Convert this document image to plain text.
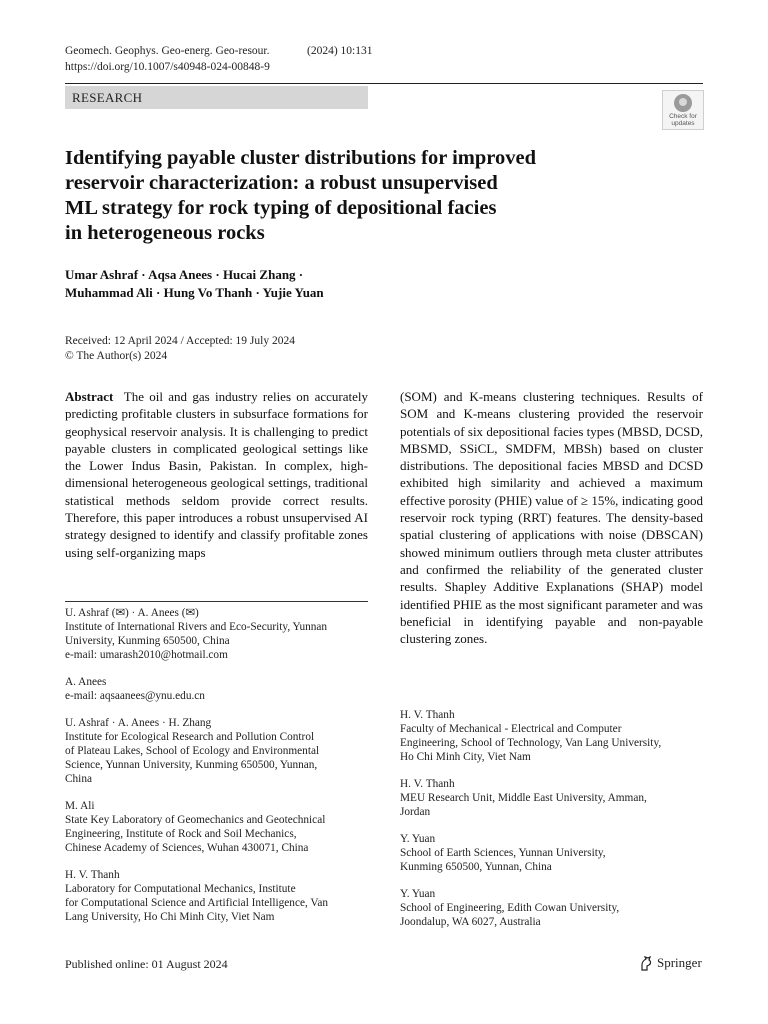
Geomech. Geophys. Geo-energ. Geo-resour.	(2024) 10:131
https://doi.org/10.1007/s40948-024-00848-9
RESEARCH
Check for
updates
Identifying payable cluster distributions for improved
reservoir characterization: a robust unsupervised
ML strategy for rock typing of depositional facies
in heterogeneous rocks
Umar Ashraf · Aqsa Anees · Hucai Zhang ·
Muhammad Ali · Hung Vo Thanh · Yujie Yuan
Received: 12 April 2024 / Accepted: 19 July 2024
© The Author(s) 2024
Abstract The oil and gas industry relies on accurately predicting profitable clusters in subsurface formations for geophysical reservoir analysis. It is challenging to predict payable clusters in complicated geological settings like the Lower Indus Basin, Pakistan. In complex, high-dimensional heterogeneous geological settings, traditional statistical methods seldom provide correct results. Therefore, this paper introduces a robust unsupervised AI strategy designed to identify and classify profitable zones using self-organizing maps
(SOM) and K-means clustering techniques. Results of SOM and K-means clustering provided the reservoir potentials of six depositional facies types (MBSD, DCSD, MBSMD, SSiCL, SMDFM, MBSh) based on cluster distributions. The depositional facies MBSD and DCSD exhibited high similarity and achieved a maximum effective porosity (PHIE) value of ≥ 15%, indicating good reservoir rock typing (RRT) features. The density-based spatial clustering of applications with noise (DBSCAN) showed minimum outliers through meta cluster attributes and confirmed the reliability of the generated cluster results. Shapley Additive Explanations (SHAP) model identified PHIE as the most significant parameter and was beneficial in identifying payable and non-payable clustering zones.
U. Ashraf (✉) · A. Anees (✉)
Institute of International Rivers and Eco-Security, Yunnan
University, Kunming 650500, China
e-mail: umarash2010@hotmail.com
A. Anees
e-mail: aqsaanees@ynu.edu.cn
U. Ashraf · A. Anees · H. Zhang
Institute for Ecological Research and Pollution Control
of Plateau Lakes, School of Ecology and Environmental
Science, Yunnan University, Kunming 650500, Yunnan,
China
M. Ali
State Key Laboratory of Geomechanics and Geotechnical
Engineering, Institute of Rock and Soil Mechanics,
Chinese Academy of Sciences, Wuhan 430071, China
H. V. Thanh
Laboratory for Computational Mechanics, Institute
for Computational Science and Artificial Intelligence, Van
Lang University, Ho Chi Minh City, Viet Nam
H. V. Thanh
Faculty of Mechanical - Electrical and Computer
Engineering, School of Technology, Van Lang University,
Ho Chi Minh City, Viet Nam
H. V. Thanh
MEU Research Unit, Middle East University, Amman,
Jordan
Y. Yuan
School of Earth Sciences, Yunnan University,
Kunming 650500, Yunnan, China
Y. Yuan
School of Engineering, Edith Cowan University,
Joondalup, WA 6027, Australia
Published online: 01 August 2024	Springer
